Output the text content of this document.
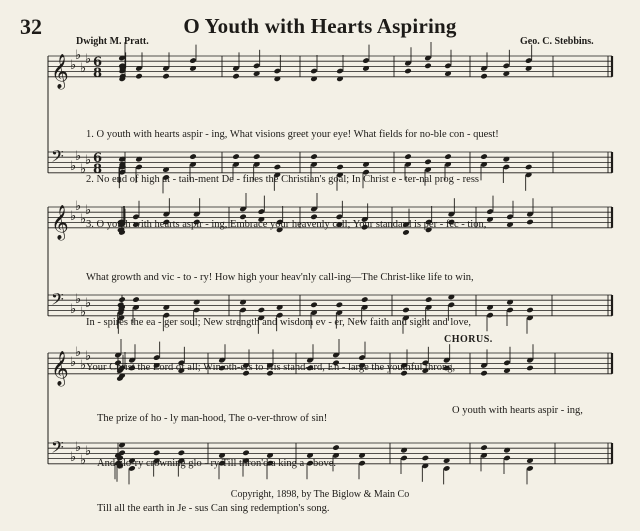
32	O Youth with Hearts Aspiring
Dwight M. Pratt.	Geo. C. Stebbins.
𝄞 ♭
♭
♭
♭ 6
8
𝄢 ♭
♭
♭
♭ 6
8
𝄞 ♭
♭
♭
♭
𝄢 ♭
♭
♭
♭
𝄞 ♭
♭
♭
♭
𝄢 ♭
♭
♭
♭

1. O youth with hearts aspir - ing, What visions greet your eye! What fields for no-ble con - quest!

2. No end of high at - tain-ment De - fines the Christian's goal; In Christ e - ter-nal prog - ress

3. O youth with hearts aspir - ing, Embrace your heavenly call; Your standard is per - fec - tion,

What growth and vic - to - ry! How high your heav'nly call-ing—The Christ-like life to win,

In - spires the ea - ger soul; New strength and wisdom ev - er, New faith and sight and love,

Your Christ the Lord of all; Win oth-ers to His stand-ard, En - large the youthful throng,

CHORUS.

The prize of ho - ly man-hood, The o-ver-throw of sin!

And glo-ry crowning glo - ry Till thron'd a king a - bove.

Till all the earth in Je - sus Can sing redemption's song.

O youth with hearts aspir - ing,
Copyright, 1898, by The Biglow & Main Co
